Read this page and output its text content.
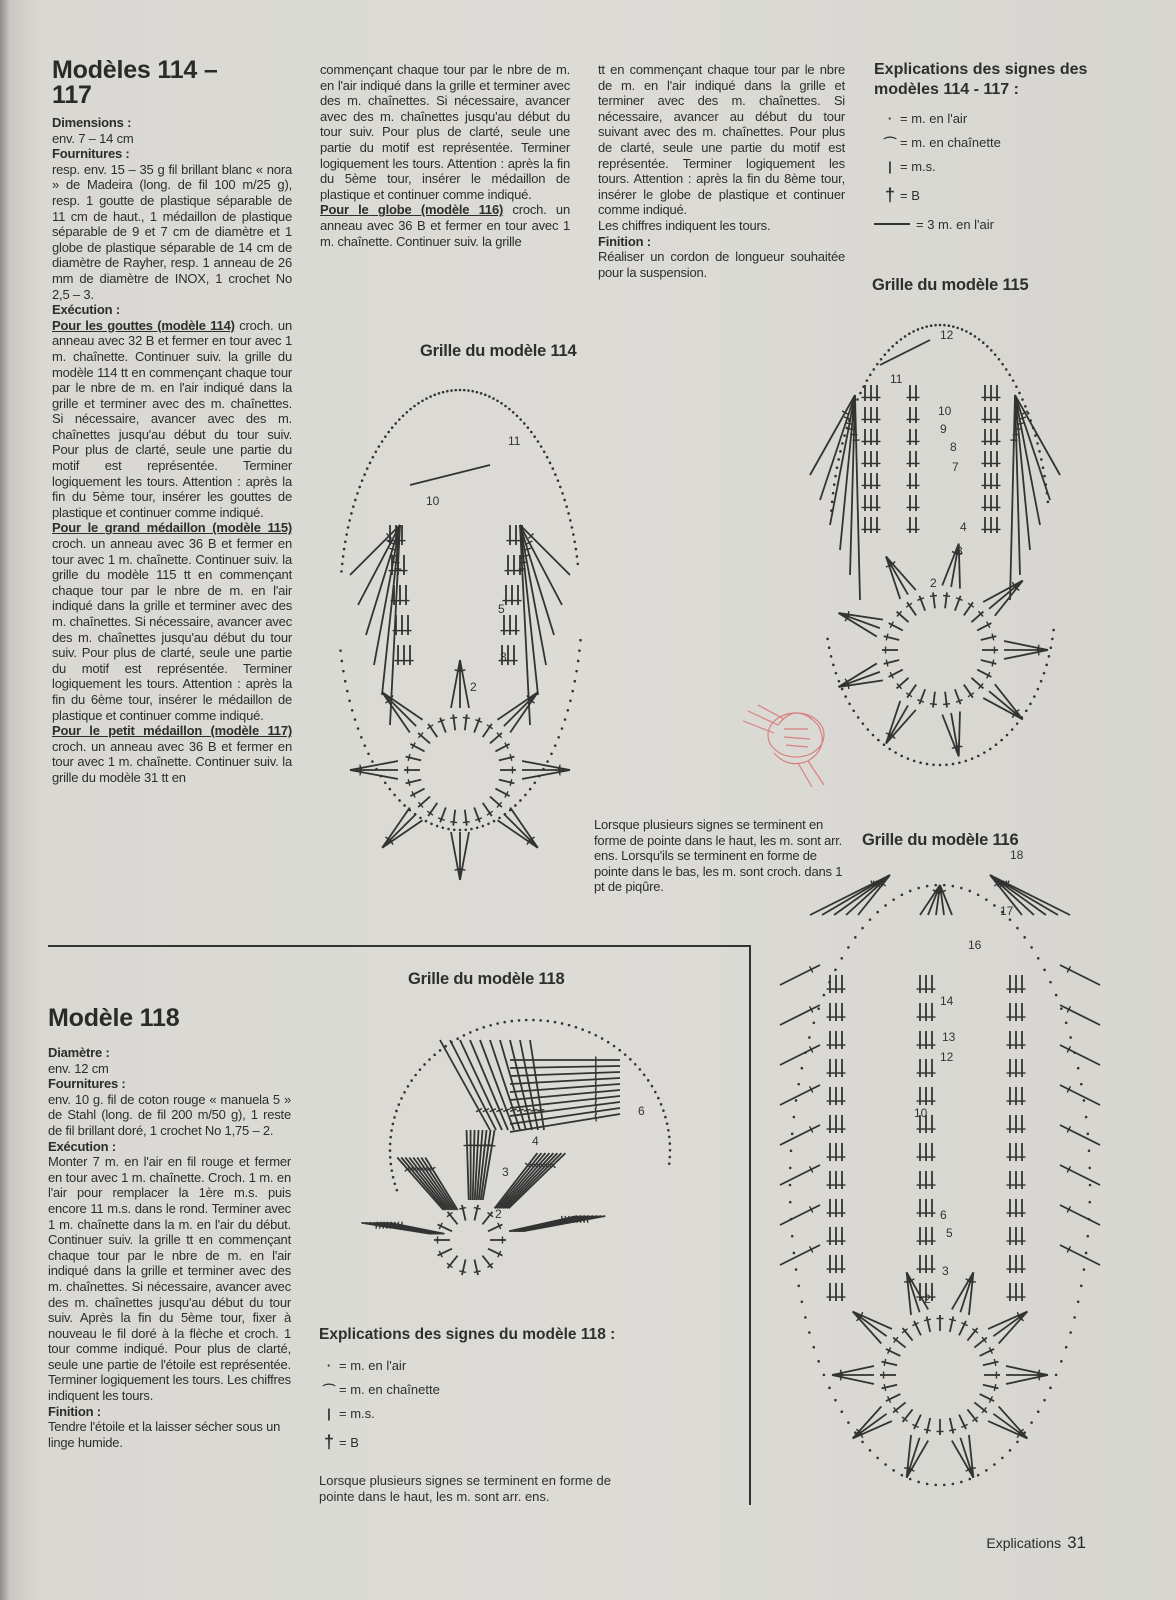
Modèles 114 –

117

Dimensions :

env. 7 – 14 cm

Fournitures :

resp. env. 15 – 35 g fil brillant blanc « nora » de Madeira (long. de fil 100 m/25 g), resp. 1 goutte de plastique séparable de 11 cm de haut., 1 médaillon de plastique séparable de 9 et 7 cm de diamètre et 1 globe de plastique séparable de 14 cm de diamètre de Rayher, resp. 1 anneau de 26 mm de diamètre de INOX, 1 crochet No 2,5 – 3.

Exécution :

Pour les gouttes (modèle 114) croch. un anneau avec 32 B et fermer en tour avec 1 m. chaînette. Continuer suiv. la grille du modèle 114 tt en commençant chaque tour par le nbre de m. en l'air indiqué dans la grille et terminer avec des m. chaînettes. Si nécessaire, avancer avec des m. chaînettes jusqu'au début du tour suiv. Pour plus de clarté, seule une partie du motif est représentée. Terminer logiquement les tours. Attention : après la fin du 5ème tour, insérer les gouttes de plastique et continuer comme indiqué.

Pour le grand médaillon (modèle 115) croch. un anneau avec 36 B et fermer en tour avec 1 m. chaînette. Continuer suiv. la grille du modèle 115 tt en commençant chaque tour par le nbre de m. en l'air indiqué dans la grille et terminer avec des m. chaînettes. Si nécessaire, avancer avec des m. chaînettes jusqu'au début du tour suiv. Pour plus de clarté, seule une partie du motif est représentée. Terminer logiquement les tours. Attention : après la fin du 6ème tour, insérer le médaillon de plastique et continuer comme indiqué.

Pour le petit médaillon (modèle 117) croch. un anneau avec 36 B et fermer en tour avec 1 m. chaînette. Continuer suiv. la grille du modèle 31 tt en

commençant chaque tour par le nbre de m. en l'air indiqué dans la grille et terminer avec des m. chaînettes. Si nécessaire, avancer avec des m. chaînettes jusqu'au début du tour suiv. Pour plus de clarté, seule une partie du motif est représentée. Terminer logiquement les tours. Attention : après la fin du 5ème tour, insérer le médaillon de plastique et continuer comme indiqué.

Pour le globe (modèle 116) croch. un anneau avec 36 B et fermer en tour avec 1 m. chaînette. Continuer suiv. la grille

tt en commençant chaque tour par le nbre de m. en l'air indiqué dans la grille et terminer avec des m. chaînettes. Si nécessaire, avancer au début du tour suivant avec des m. chaînettes. Pour plus de clarté, seule une partie du motif est représentée. Terminer logiquement les tours. Attention : après la fin du 8ème tour, insérer le globe de plastique et continuer comme indiqué.

Les chiffres indiquent les tours.

Finition :

Réaliser un cordon de longueur souhaitée pour la suspension.

Explications des signes des modèles 114 - 117 :
· = m. en l'air
⌒ = m. en chaînette
| = m.s.
† = B
= 3 m. en l'air
Grille du modèle 114
Grille du modèle 115
Grille du modèle 116
Grille du modèle 118

Lorsque plusieurs signes se terminent en forme de pointe dans le haut, les m. sont arr. ens. Lorsqu'ils se terminent en forme de pointe dans le bas, les m. sont croch. dans 1 pt de piqûre.

11
10
5
3
2
12
11
10
9
8
7
4
3
2
18
17
16
14
13
12
10
6
5
3
2
6
4
3
2

Modèle 118

Diamètre :

env. 12 cm

Fournitures :

env. 10 g. fil de coton rouge « manuela 5 » de Stahl (long. de fil 200 m/50 g), 1 reste de fil brillant doré, 1 crochet No 1,75 – 2.

Exécution :

Monter 7 m. en l'air en fil rouge et fermer en tour avec 1 m. chaînette. Croch. 1 m. en l'air pour remplacer la 1ère m.s. puis encore 11 m.s. dans le rond. Terminer avec 1 m. chaînette dans la m. en l'air du début. Continuer suiv. la grille tt en commençant chaque tour par le nbre de m. en l'air indiqué dans la grille et terminer avec des m. chaînettes. Si nécessaire, avancer avec des m. chaînettes jusqu'au début du tour suiv. Après la fin du 5ème tour, fixer à nouveau le fil doré à la flèche et croch. 1 tour comme indiqué. Pour plus de clarté, seule une partie de l'étoile est représentée. Terminer logiquement les tours. Les chiffres indiquent les tours.

Finition :

Tendre l'étoile et la laisser sécher sous un linge humide.

Explications des signes du modèle 118 :
· = m. en l'air
⌒ = m. en chaînette
| = m.s.
† = B
Lorsque plusieurs signes se terminent en forme de pointe dans le haut, les m. sont arr. ens.
Explications 31
